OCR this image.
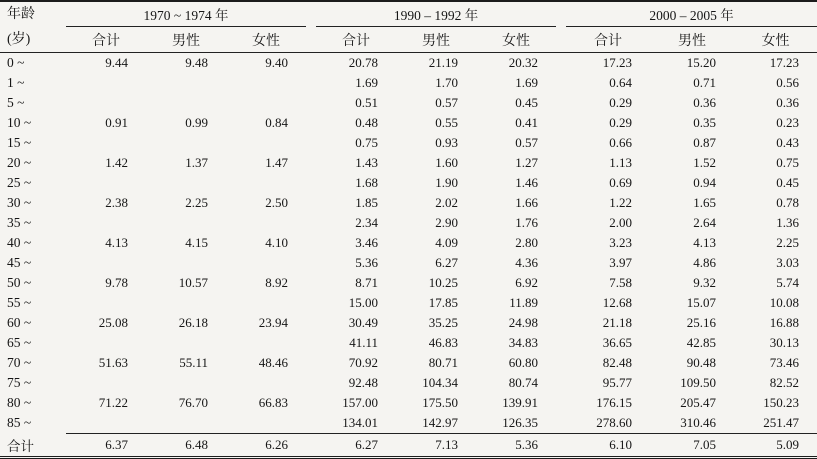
年龄
(岁)	1970 ~ 1974 年				1990 – 1992 年				2000 – 2005 年		
	合计	男性	女性		合计	男性	女性		合计	男性	女性
0 ~	9.44	9.48	9.40		20.78	21.19	20.32		17.23	15.20	17.23
1 ~					1.69	1.70	1.69		0.64	0.71	0.56
5 ~					0.51	0.57	0.45		0.29	0.36	0.36
10 ~	0.91	0.99	0.84		0.48	0.55	0.41		0.29	0.35	0.23
15 ~					0.75	0.93	0.57		0.66	0.87	0.43
20 ~	1.42	1.37	1.47		1.43	1.60	1.27		1.13	1.52	0.75
25 ~					1.68	1.90	1.46		0.69	0.94	0.45
30 ~	2.38	2.25	2.50		1.85	2.02	1.66		1.22	1.65	0.78
35 ~					2.34	2.90	1.76		2.00	2.64	1.36
40 ~	4.13	4.15	4.10		3.46	4.09	2.80		3.23	4.13	2.25
45 ~					5.36	6.27	4.36		3.97	4.86	3.03
50 ~	9.78	10.57	8.92		8.71	10.25	6.92		7.58	9.32	5.74
55 ~					15.00	17.85	11.89		12.68	15.07	10.08
60 ~	25.08	26.18	23.94		30.49	35.25	24.98		21.18	25.16	16.88
65 ~					41.11	46.83	34.83		36.65	42.85	30.13
70 ~	51.63	55.11	48.46		70.92	80.71	60.80		82.48	90.48	73.46
75 ~					92.48	104.34	80.74		95.77	109.50	82.52
80 ~	71.22	76.70	66.83		157.00	175.50	139.91		176.15	205.47	150.23
85 ~					134.01	142.97	126.35		278.60	310.46	251.47
合计	6.37	6.48	6.26		6.27	7.13	5.36		6.10	7.05	5.09
